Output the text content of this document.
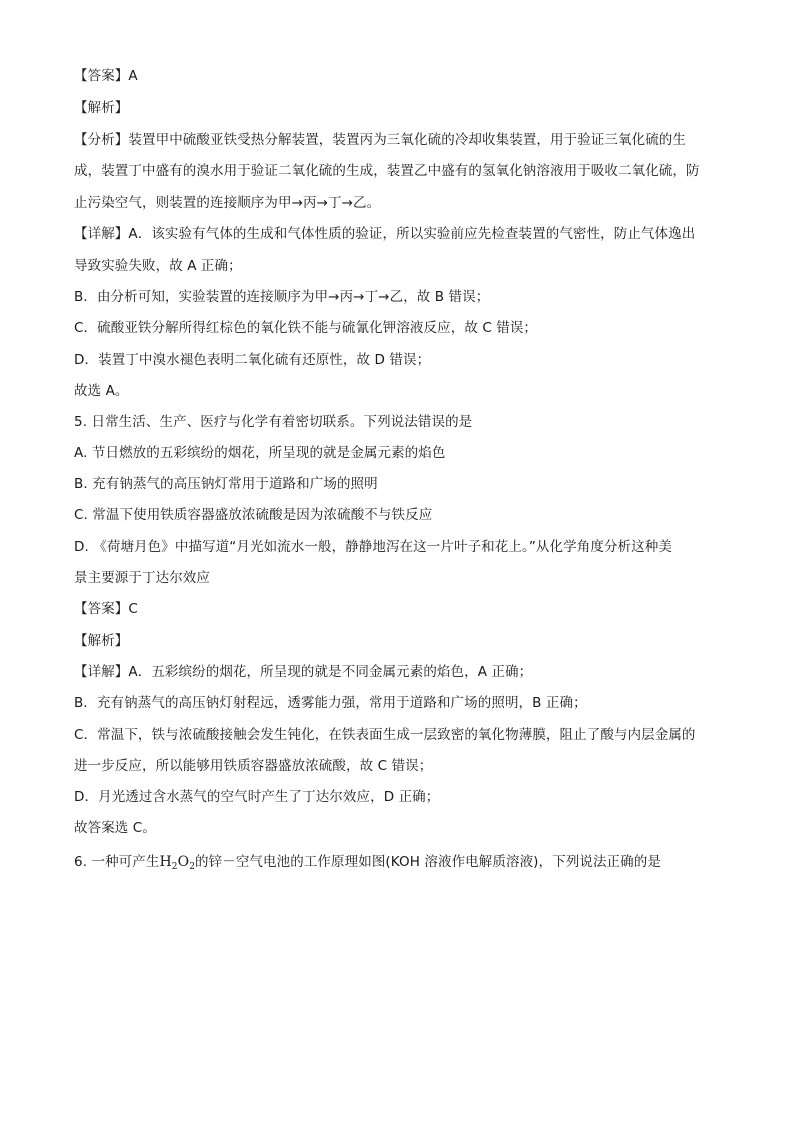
【答案】A
【解析】
【分析】装置甲中硫酸亚铁受热分解装置，装置丙为三氧化硫的冷却收集装置，用于验证三氧化硫的生
成，装置丁中盛有的溴水用于验证二氧化硫的生成，装置乙中盛有的氢氧化钠溶液用于吸收二氧化硫，防
止污染空气，则装置的连接顺序为甲→丙→丁→乙。
【详解】A．该实验有气体的生成和气体性质的验证，所以实验前应先检查装置的气密性，防止气体逸出
导致实验失败，故 A 正确；
B．由分析可知，实验装置的连接顺序为甲→丙→丁→乙，故 B 错误；
C．硫酸亚铁分解所得红棕色的氧化铁不能与硫氰化钾溶液反应，故 C 错误；
D．装置丁中溴水褪色表明二氧化硫有还原性，故 D 错误；
故选 A。
5. 日常生活、生产、医疗与化学有着密切联系。下列说法错误的是
A. 节日燃放的五彩缤纷的烟花，所呈现的就是金属元素的焰色
B. 充有钠蒸气的高压钠灯常用于道路和广场的照明
C. 常温下使用铁质容器盛放浓硫酸是因为浓硫酸不与铁反应
D. 《荷塘月色》中描写道“月光如流水一般，静静地泻在这一片叶子和花上。”从化学角度分析这种美
景主要源于丁达尔效应
【答案】C
【解析】
【详解】A．五彩缤纷的烟花，所呈现的就是不同金属元素的焰色，A 正确；
B．充有钠蒸气的高压钠灯射程远，透雾能力强，常用于道路和广场的照明，B 正确；
C．常温下，铁与浓硫酸接触会发生钝化，在铁表面生成一层致密的氧化物薄膜，阻止了酸与内层金属的
进一步反应，所以能够用铁质容器盛放浓硫酸，故 C 错误；
D．月光透过含水蒸气的空气时产生了丁达尔效应，D 正确；
故答案选 C。
6. 一种可产生$H_2O_2$的锌－空气电池的工作原理如图(KOH 溶液作电解质溶液)，下列说法正确的是
